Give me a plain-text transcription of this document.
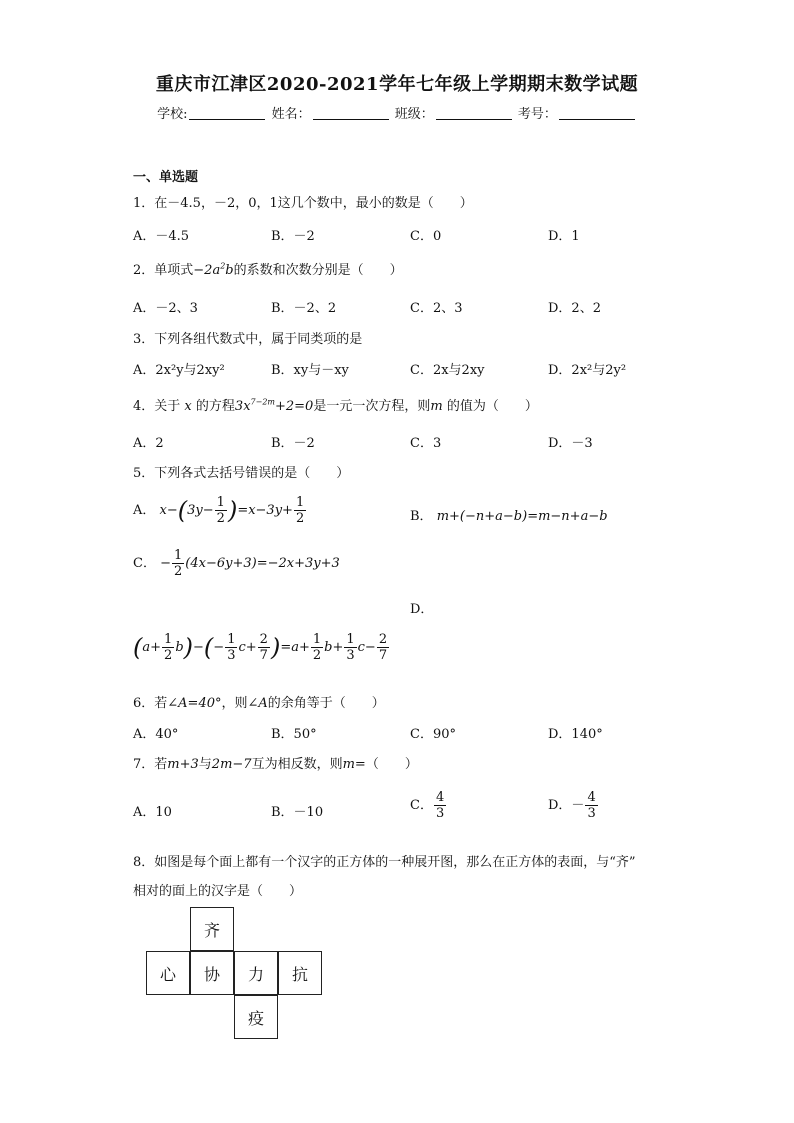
重庆市江津区2020-2021学年七年级上学期期末数学试题
学校:	姓名：	班级：	考号：
一、单选题
1．在－4.5，－2，0，1这几个数中，最小的数是（　　）
A．－4.5	B．－2	C．0	D．1
2．单项式$-2a^2b$的系数和次数分别是（　　）
A．－2、3	B．－2、2	C．2、3	D．2、2
3．下列各组代数式中，属于同类项的是
A．2x²y与2xy²	B．xy与－xy	C．2x与2xy	D．2x²与2y²
4．关于 x 的方程$3x^{7-2m}+2=0$是一元一次方程，则m 的值为（　　）
A．2	B．－2	C．3	D．－3
5．下列各式去括号错误的是（　　）
A． $x-(3y- \frac{1}{2} )=x-3y+ \frac{1}{2}$	B． m+(−n+a−b)=m−n+a−b
C． − $\frac{1}{2} (4x-6y+3)=-2x+3y+3$
D．
$(a+ \frac{1}{2} b)-(- \frac{1}{3} c+ \frac{2}{7} )=a+ \frac{1}{2} b+ \frac{1}{3} c- \frac{2}{7}$
6．若∠A=40°，则∠A的余角等于（　　）
A．40°	B．50°	C．90°	D．140°
7．若m+3与2m−7互为相反数，则m=（　　）
A．10	B．－10	C． $\frac{4}{3}$	D．－ $\frac{4}{3}$
8．如图是每个面上都有一个汉字的正方体的一种展开图，那么在正方体的表面，与“齐”
相对的面上的汉字是（　　）
齐
心	协	力	抗
疫
